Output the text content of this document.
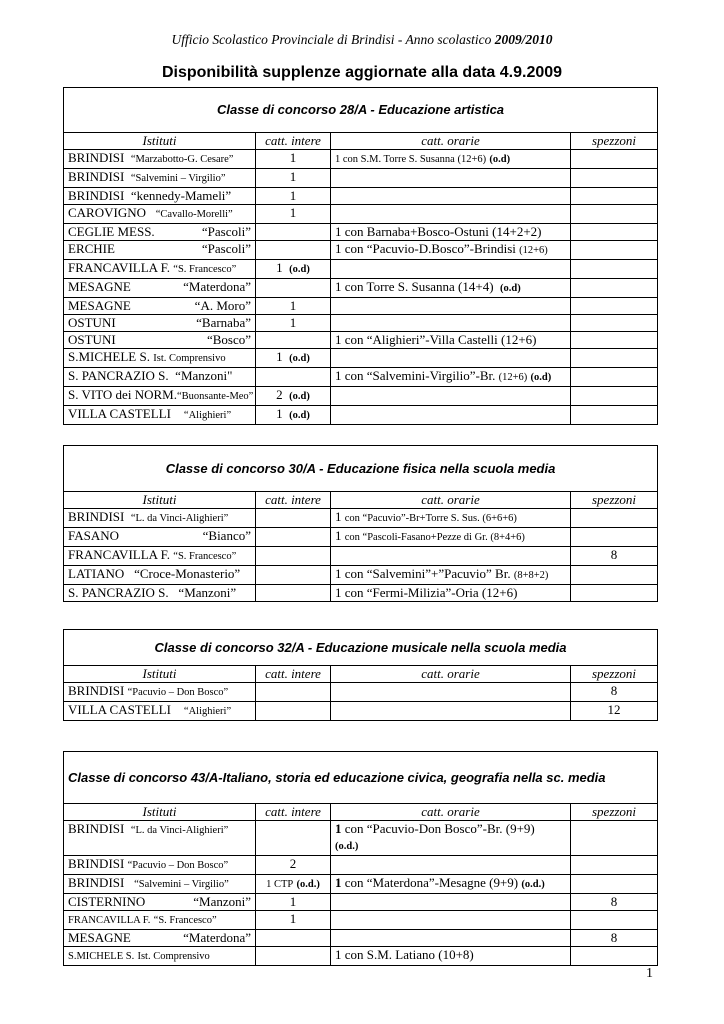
Ufficio Scolastico Provinciale di Brindisi - Anno scolastico 2009/2010
Disponibilità supplenze aggiornate alla data 4.9.2009
Classe di concorso 28/A - Educazione artistica			
Istituti	catt. intere	catt. orarie	spezzoni
BRINDISI “Marzabotto-G. Cesare”	1	1 con S.M. Torre S. Susanna (12+6) (o.d)	
BRINDISI “Salvemini – Virgilio”	1		
BRINDISI “kennedy-Mameli”	1		
CAROVIGNO “Cavallo-Morelli”	1		

CEGLIE MESS. “Pascoli”		1 con Barnaba+Bosco-Ostuni (14+2+2)	

ERCHIE “Pascoli”		1 con “Pacuvio-D.Bosco”-Brindisi (12+6)	
FRANCAVILLA F. “S. Francesco”	1 (o.d)		

MESAGNE “Materdona”		1 con Torre S. Susanna (14+4) (o.d)	

MESAGNE “A. Moro”	1		

OSTUNI “Barnaba”	1		

OSTUNI “Bosco”		1 con “Alighieri”-Villa Castelli (12+6)	
S.MICHELE S. Ist. Comprensivo	1 (o.d)		
S. PANCRAZIO S. “Manzoni"		1 con “Salvemini-Virgilio”-Br. (12+6) (o.d)	
S. VITO dei NORM.“Buonsante-Meo”	2 (o.d)		
VILLA CASTELLI “Alighieri”	1 (o.d)		
Classe di concorso 30/A - Educazione fisica nella scuola media			
Istituti	catt. intere	catt. orarie	spezzoni
BRINDISI “L. da Vinci-Alighieri”		1 con “Pacuvio”-Br+Torre S. Sus. (6+6+6)	

FASANO “Bianco”		1 con “Pascoli-Fasano+Pezze di Gr. (8+4+6)	
FRANCAVILLA F. “S. Francesco”			8
LATIANO “Croce-Monasterio”		1 con “Salvemini”+”Pacuvio” Br. (8+8+2)	
S. PANCRAZIO S. “Manzoni”		1 con “Fermi-Milizia”-Oria (12+6)	
Classe di concorso 32/A - Educazione musicale nella scuola media			
Istituti	catt. intere	catt. orarie	spezzoni
BRINDISI “Pacuvio – Don Bosco”			8
VILLA CASTELLI “Alighieri”			12
Classe di concorso 43/A-Italiano, storia ed educazione civica, geografia nella sc. media			
Istituti	catt. intere	catt. orarie	spezzoni
BRINDISI “L. da Vinci-Alighieri”		1 con “Pacuvio-Don Bosco”-Br. (9+9)
(o.d.)	
BRINDISI “Pacuvio – Don Bosco”	2		
BRINDISI “Salvemini – Virgilio”	1 CTP (o.d.)	1 con “Materdona”-Mesagne (9+9) (o.d.)	

CISTERNINO “Manzoni”	1		8
FRANCAVILLA F. “S. Francesco”	1		

MESAGNE “Materdona”			8
S.MICHELE S. Ist. Comprensivo		1 con S.M. Latiano (10+8)	
1
